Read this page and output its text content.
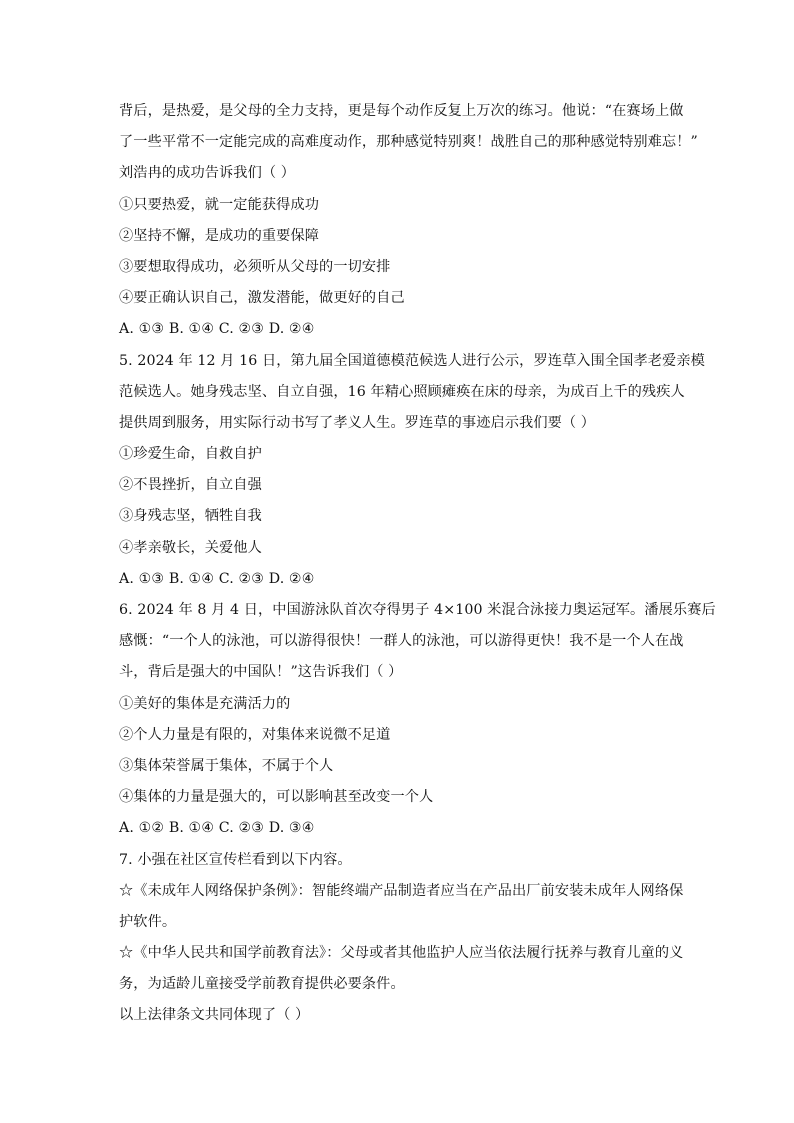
背后，是热爱，是父母的全力支持，更是每个动作反复上万次的练习。他说：“在赛场上做
了一些平常不一定能完成的高难度动作，那种感觉特别爽！战胜自己的那种感觉特别难忘！”
刘浩冉的成功告诉我们（ ）
①只要热爱，就一定能获得成功
②坚持不懈，是成功的重要保障
③要想取得成功，必须听从父母的一切安排
④要正确认识自己，激发潜能，做更好的自己
A. ①③ B. ①④ C. ②③ D. ②④
5. 2024 年 12 月 16 日，第九届全国道德模范候选人进行公示，罗连草入围全国孝老爱亲模
范候选人。她身残志坚、自立自强，16 年精心照顾瘫痪在床的母亲，为成百上千的残疾人
提供周到服务，用实际行动书写了孝义人生。罗连草的事迹启示我们要（ ）
①珍爱生命，自救自护
②不畏挫折，自立自强
③身残志坚，牺牲自我
④孝亲敬长，关爱他人
A. ①③ B. ①④ C. ②③ D. ②④
6. 2024 年 8 月 4 日，中国游泳队首次夺得男子 4×100 米混合泳接力奥运冠军。潘展乐赛后
感慨：“一个人的泳池，可以游得很快！一群人的泳池，可以游得更快！我不是一个人在战
斗，背后是强大的中国队！”这告诉我们（ ）
①美好的集体是充满活力的
②个人力量是有限的，对集体来说微不足道
③集体荣誉属于集体，不属于个人
④集体的力量是强大的，可以影响甚至改变一个人
A. ①② B. ①④ C. ②③ D. ③④
7. 小强在社区宣传栏看到以下内容。
☆《未成年人网络保护条例》：智能终端产品制造者应当在产品出厂前安装未成年人网络保
护软件。
☆《中华人民共和国学前教育法》：父母或者其他监护人应当依法履行抚养与教育儿童的义
务，为适龄儿童接受学前教育提供必要条件。
以上法律条文共同体现了（ ）
